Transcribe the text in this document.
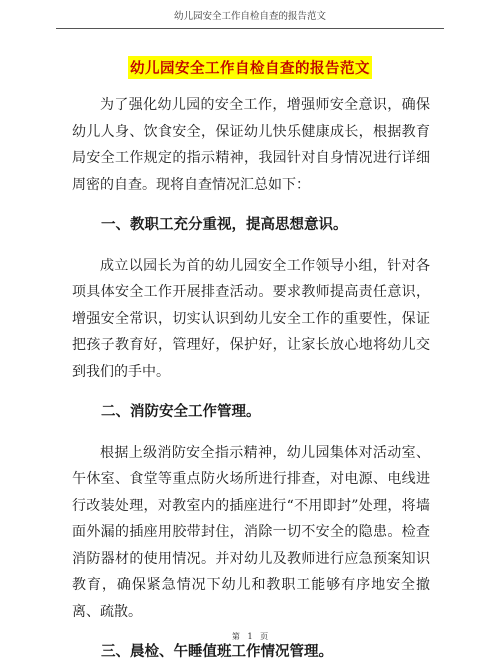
幼儿园安全工作自检自查的报告范文
幼儿园安全工作自检自查的报告范文

为了强化幼儿园的安全工作，增强师安全意识，确保幼儿人身、饮食安全，保证幼儿快乐健康成长，根据教育局安全工作规定的指示精神，我园针对自身情况进行详细周密的自查。现将自查情况汇总如下：

一、教职工充分重视，提高思想意识。

成立以园长为首的幼儿园安全工作领导小组，针对各项具体安全工作开展排查活动。要求教师提高责任意识，增强安全常识，切实认识到幼儿安全工作的重要性，保证把孩子教育好，管理好，保护好，让家长放心地将幼儿交到我们的手中。

二、消防安全工作管理。

根据上级消防安全指示精神，幼儿园集体对活动室、午休室、食堂等重点防火场所进行排查，对电源、电线进行改装处理，对教室内的插座进行“不用即封”处理，将墙面外漏的插座用胶带封住，消除一切不安全的隐患。检查消防器材的使用情况。并对幼儿及教师进行应急预案知识教育，确保紧急情况下幼儿和教职工能够有序地安全撤离、疏散。

三、晨检、午睡值班工作情况管理。

第 1 页
